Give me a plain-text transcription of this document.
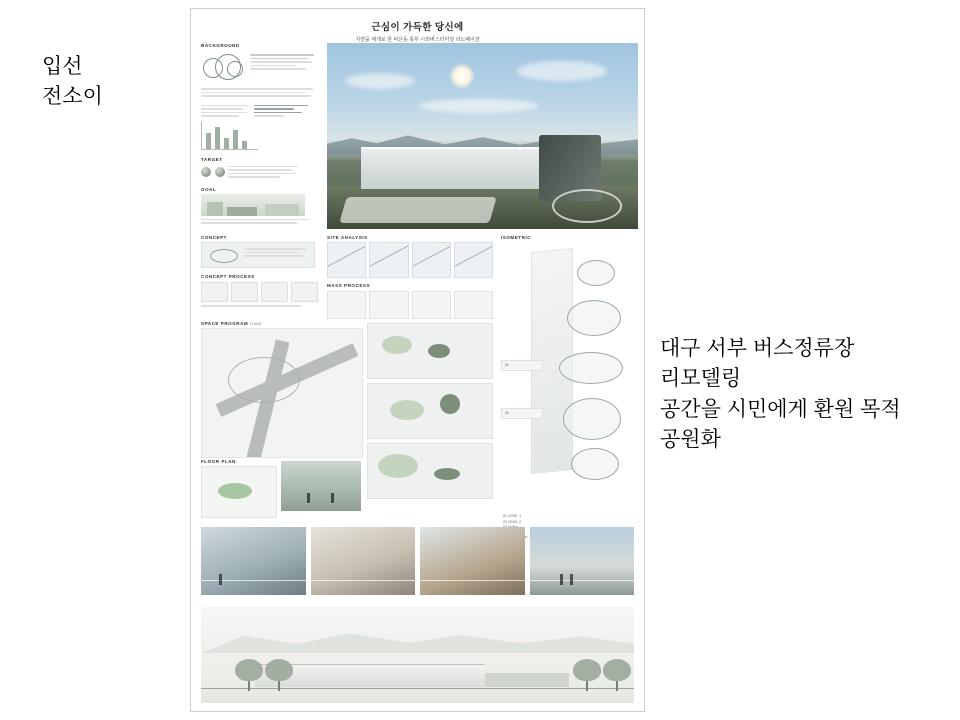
입선
전소이
근심이 가득한 당신에
지면을 매개로 한 비산동 북부 시외버스터미널 리노베이션
BACKGROUND
TARGET
GOAL
CONCEPT
CONCEPT PROCESS
SITE ANALYSIS
MASS PROCESS
ISOMETRIC
01
02
01 LEVEL 1
02 LEVEL 2
SPACE PROGRAM road
FLOOR PLAN
대구 서부 버스정류장
리모델링
공간을 시민에게 환원 목적
공원화
